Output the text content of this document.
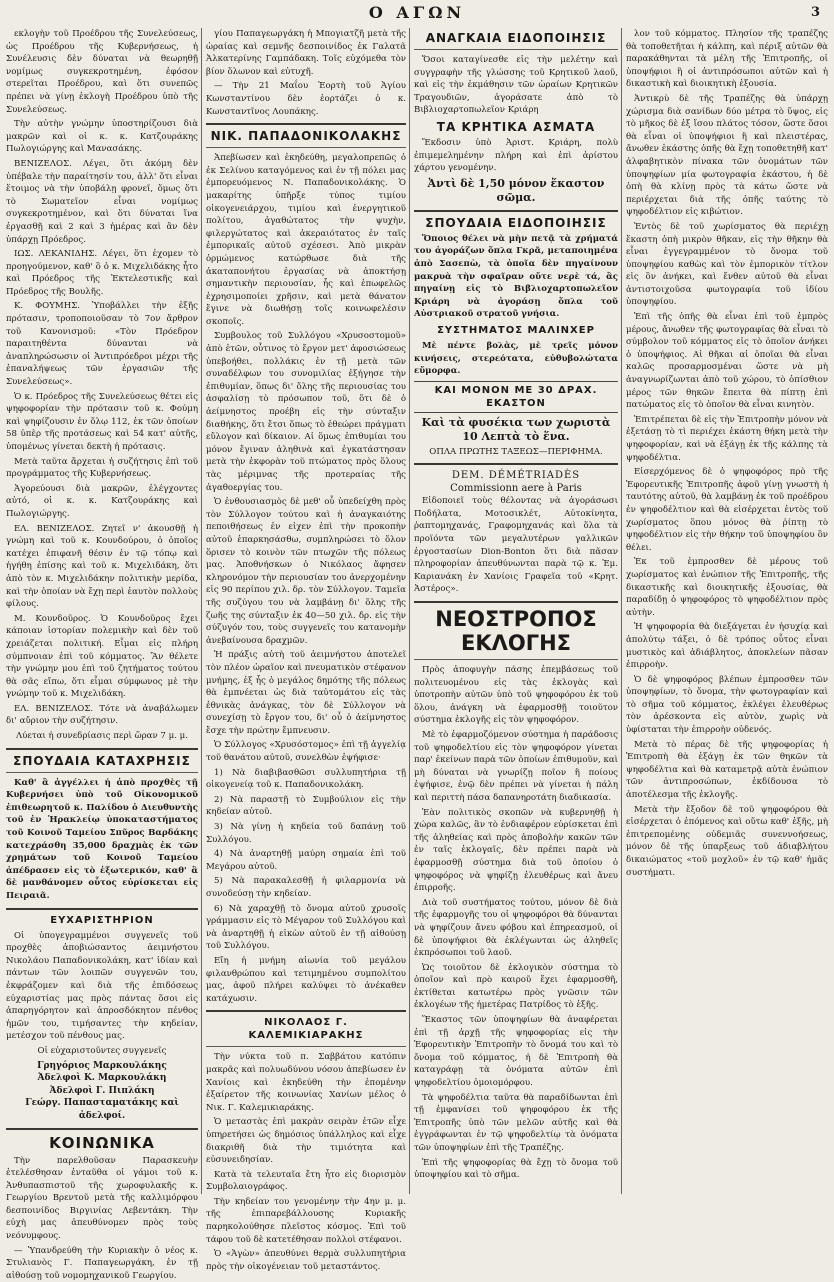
Ο ΑΓΩΝ	3

εκλογὴν τοῦ Προέδρου τῆς Συνελεύσεως, ὡς Προέδρου τῆς Κυβερνήσεως, ἡ Συνέλευσις δὲν δύναται νὰ θεωρηθῇ νομίμως συγκεκροτημένη, ἐφόσον στερεῖται Προέδρου, καὶ ὅτι συνεπῶς πρέπει νὰ γίνῃ ἐκλογὴ Προέδρου ὑπὸ τῆς Συνελεύσεως.

Τὴν αὐτὴν γνώμην ὑποστηρίζουσι διὰ μακρῶν καὶ οἱ κ. κ. Κατζουράκης Πωλογιώργης καὶ Μανασάκης.

ΒΕΝΙΖΕΛΟΣ. Λέγει, ὅτι ἀκόμη δὲν ὑπέβαλε τὴν παραίτησίν του, ἀλλ' ὅτι εἶναι ἕτοιμος νὰ τὴν ὑποβάλῃ φρονεῖ, ὅμως ὅτι τὸ Σωματεῖον εἶναι νομίμως συγκεκροτημένον, καὶ ὅτι δύναται ἵνα ἐργασθῇ καὶ 2 καὶ 3 ἡμέρας καὶ ἂν δὲν ὑπάρχῃ Πρόεδρος.

ΙΩΣ. ΛΕΚΑΝΙΔΗΣ. Λέγει, ὅτι ἐχομεν τὸ προηγούμενον, καθ' ὃ ὁ κ. Μιχελιδάκης ἦτο καὶ Πρόεδρος τῆς Ἐκτελεστικῆς καὶ Πρόεδρος τῆς Βουλῆς.

Κ. ΦΟΥΜΗΣ. Ὑποβάλλει τὴν ἑξῆς πρότασιν, τροποποιοῦσαν τὸ 7ον ἄρθρον τοῦ Κανονισμοῦ: «Τὸν Πρόεδρον παραιτηθέντα δύνανται νὰ ἀναπληρώσωσιν οἱ Ἀντιπρόεδροι μέχρι τῆς ἐπαναλήψεως τῶν ἐργασιῶν τῆς Συνελεύσεως».

Ὁ κ. Πρόεδρος τῆς Συνελεύσεως θέτει εἰς ψηφοφορίαν τὴν πρότασιν τοῦ κ. Φούμη καὶ ψηφίζουσιν ἐν ὅλῳ 112, ἐκ τῶν ὁποίων 58 ὑπὲρ τῆς προτάσεως καὶ 54 κατ' αὐτῆς, ὑπομένως γίνεται δεκτὴ ἡ πρότασις.

Μετὰ ταῦτα ἄρχεται ἡ συζήτησις ἐπὶ τοῦ προγράμματος τῆς Κυβερνήσεως.

Ἀγορεύουσι διὰ μακρῶν, ἐλέγχοντες αὐτό, οἱ κ. κ. Κατζουράκης καὶ Πωλογιώργης.

ΕΛ. ΒΕΝΙΖΕΛΟΣ. Ζητεῖ ν' ἀκουσθῇ ἡ γνώμη καὶ τοῦ κ. Κουνδούρου, ὁ ὁποῖος κατέχει ἐπιφανῆ θέσιν ἐν τῷ τόπῳ καὶ ἠγήθη ἐπίσης καὶ τοῦ κ. Μιχελιδάκη, ὅτι ἀπὸ τὸν κ. Μιχελιδάκην πολιτικὴν μερίδα, καὶ τὴν ὁποίαν νὰ ἔχῃ περὶ ἑαυτὸν πολλοὺς φίλους.

Μ. Κουνδοῦρος. Ὁ Κουνδοῦρος ἔχει κάποιαν ἱστορίαν πολεμικὴν καὶ δὲν τοῦ χρειάζεται πολιτική. Εἶμαι εἰς πλήρη σύμπνοιαν ἐπὶ τοῦ κόμματος. Ἂν θέλετε τὴν γνώμην μου ἐπὶ τοῦ ζητήματος τούτου θὰ σᾶς εἴπω, ὅτι εἶμαι σύμφωνος μὲ τὴν γνώμην τοῦ κ. Μιχελιδάκη.

ΕΛ. ΒΕΝΙΖΕΛΟΣ. Τότε νὰ ἀναβάλωμεν δι' αὔριον τὴν συζήτησιν.

Λύεται ἡ συνεδρίασις περὶ ὥραν 7 μ. μ.

ΣΠΟΥΔΑΙΑ ΚΑΤΑΧΡΗΣΙΣ

Καθ' ἃ ἀγγέλλει ἡ ἀπὸ προχθὲς τῇ Κυβερνήσει ὑπὸ τοῦ Οἰκονομικοῦ ἐπιθεωρητοῦ κ. Παλίδου ὁ Διευθυντὴς τοῦ ἐν Ἡρακλείῳ ὑποκαταστήματος τοῦ Κοινοῦ Ταμείου Σπῦρος Βαρδάκης κατεχράσθη 35,000 δραχμὰς ἐκ τῶν χρημάτων τοῦ Κοινοῦ Ταμείου ἀπέδρασεν εἰς τὸ ἐξωτερικόν, καθ' ἃ δὲ μανθάνομεν οὗτος εὑρίσκεται εἰς Πειραιᾶ.

ΕΥΧΑΡΙΣΤΗΡΙΟΝ

Οἱ ὑπογεγραμμένοι συγγενεῖς τοῦ προχθὲς ἀποβιώσαντος ἀειμνήστου Νικολάου Παπαδονικολάκη, κατ' ἰδίαν καὶ πάντων τῶν λοιπῶν συγγενῶν του, ἐκφράζομεν καὶ διὰ τῆς ἐπιδόσεως εὐχαριστίας μας πρὸς πάντας ὅσοι εἰς ἀπαρηγόρητον καὶ ἀπροσδόκητον πένθος ἡμῶν του, τιμήσαντες τὴν κηδείαν, μετέσχον τοῦ πένθους μας.

Οἱ εὐχαριστοῦντες συγγενεῖς

Γρηγόριος Μαρκουλάκης
Ἀδελφοὶ Κ. Μαρκουλάκη
Ἀδελφοὶ Γ. Πιπλάκη
Γεώργ. Παπασταματάκης καὶ ἀδελφοί.
ΚΟΙΝΩΝΙΚΑ

Τὴν παρελθοῦσαν Παρασκευὴν ἐτελέσθησαν ἐνταῦθα οἱ γάμοι τοῦ κ. Ἀνθυπασπιστοῦ τῆς χωροφυλακῆς κ. Γεωργίου Βρεντοῦ μετὰ τῆς καλλιμόρφου δεσποινίδος Βιργινίας Λεβεντάκη. Τὴν εὐχὴ μας ἀπευθύνομεν πρὸς τοὺς νεόνυμφους.

— Ὑπανδρεύθη τὴν Κυριακὴν ὁ νέος κ. Στυλιανὸς Γ. Παπαγεωργάκη, ἐν τῇ αἰθούσῃ τοῦ νομομηχανικοῦ Γεωργίου.

γίου Παπαγεωργάκη ἡ Μπογιατζῆ μετὰ τῆς ὡραίας καὶ σεμνῆς δεσποινίδος ἐκ Γαλατᾶ Ἀλκατερίνης Γαμπάδακη. Τοῖς εὐχόμεθα τὸν βίον ὅλωνον καὶ εὐτυχῆ.

— Τὴν 21 Μαΐου Ἑορτὴ τοῦ Ἁγίου Κωνσταντίνου δὲν ἑορτάζει ὁ κ. Κωνσταντῖνος Λουπάκης.

ΝΙΚ. ΠΑΠΑΔΟΝΙΚΟΛΑΚΗΣ

Ἀπεβίωσεν καὶ ἐκηδεύθη, μεγαλοπρεπῶς ὁ ἐκ Σελίνου καταγόμενος καὶ ἐν τῇ πόλει μας ἐμπορευόμενος Ν. Παπαδονικολάκης. Ὁ μακαρίτης ὑπῆρξε τύπος τιμίου οἰκογενειάρχου, τιμίου καὶ ἐνεργητικοῦ πολίτου, ἀγαθώτατος τὴν ψυχὴν, φιλεργώτατος καὶ ἀκεραιότατος ἐν ταῖς ἐμπορικαῖς αὐτοῦ σχέσεσι. Ἀπὸ μικρὰν ὁρμώμενος κατώρθωσε διὰ τῆς ἀκαταπονήτου ἐργασίας νὰ ἀποκτήσῃ σημαντικὴν περιουσίαν, ἧς καὶ ἐπωφελῶς ἐχρησιμοποίει χρῆσιν, καὶ μετὰ θάνατον ἔγινε νὰ διωθήσῃ τοῖς κοινωφελέσιν σκοποῖς.

Συμβουλος τοῦ Συλλόγου «Χρυσοστομοῦ» ἀπὸ ἐτῶν, οὗτινος τὸ ἔργον μετ' ἀφοσιώσεως ὑπεβοήθει, πολλάκις ἐν τῇ μετὰ τῶν συναδέλφων του συνομιλίας ἐξήγησε τὴν ἐπιθυμίαν, ὅπως δι' ὅλης τῆς περιουσίας του ἀσφαλίσῃ τὸ πρόσωπον τοῦ, ὅτι δὲ ὁ ἀείμνηστος προέβη εἰς τὴν σύνταξιν διαθήκης, ὅτι ἔτσι ὅπως τὸ ἐθεώρει πράγματι εὔλογον καὶ δίκαιον. Αἱ ὅμως ἐπιθυμίαι του μόνον ἔγιναν ἀληθινὰ καὶ ἐγκατάστησαν μετὰ τὴν ἐκφορὰν τοῦ πτώματος πρὸς ὅλους τὰς μέριμνας τῆς προτεραίας τῆς ἀγαθοεργίας του.

Ὁ ἐνθουσιασμὸς δὲ μεθ' οὗ ὑπεδείχθη πρὸς τὸν Σύλλογον τούτου καὶ ἡ ἀναγκαιότης πεποιθήσεως ἐν εἰχεν ἐπὶ τὴν προκοπὴν αὐτοῦ ἐπαρκησάσθω, συμπληρώσει τὸ ὅλον ὅρισεν τὸ κοινὸν τῶν πτωχῶν τῆς πόλεως μας. Ἀποθνήσκων ὁ Νικόλαος ἄφησεν κληρονόμον τὴν περιουσίαν του ἀνερχομένην εἰς 90 περίπου χιλ. δρ. τὸν Σύλλογον. Ταμεῖα τῆς συζύγου του νὰ λαμβάνῃ δι' ὅλης τῆς ζωῆς της σύνταξιν ἐκ 40—50 χιλ. δρ. εἰς τὴν σύζυγόν του, τοὺς συγγενεῖς του κατανομὴν ἀνεβαίνουσα δραχμῶν.

Ἡ πράξις αὐτὴ τοῦ ἀειμνήστου ἀποτελεῖ τὸν πλέον ὡραῖον καὶ πνευματικὸν στέφανον μνήμης, ἐξ ἧς ὁ μεγάλος δημότης τῆς πόλεως θὰ ἐμπνέεται ὡς διὰ ταὐτομάτου εἰς τὰς ἐθνικὰς ἀνάγκας, τὸν δὲ Σύλλογον νὰ συνεχίσῃ τὸ ἔργον του, δι' οὗ ὁ ἀείμνηστος ἔσχε τὴν πρώτην ἔμπνευσιν.

Ὁ Σύλλογος «Χρυσόστομος» ἐπὶ τῇ ἀγγελίᾳ τοῦ θανάτου αὐτοῦ, συνελθὼν ἐψήφισε·

1) Νὰ διαβιβασθῶσι συλλυπητήρια τῇ οἰκογενείᾳ τοῦ κ. Παπαδονικολάκη.

2) Νὰ παραστῇ τὸ Συμβούλιον εἰς τὴν κηδείαν αὐτοῦ.

3) Νὰ γίνῃ ἡ κηδεία τοῦ δαπάνῃ τοῦ Συλλόγου.

4) Νὰ ἀναρτηθῇ μαύρη σημαία ἐπὶ τοῦ Μεγάρου αὐτοῦ.

5) Νὰ παρακαλεσθῇ ἡ φιλαρμονία νὰ συνοδεύσῃ τὴν κηδείαν.

6) Νὰ χαραχθῇ τὸ ὄνομα αὐτοῦ χρυσοῖς γράμμασιν εἰς τὸ Μέγαρον τοῦ Συλλόγου καὶ νὰ ἀναρτηθῇ ἡ εἰκὼν αὐτοῦ ἐν τῇ αἰθούσῃ τοῦ Συλλόγου.

Εἴη ἡ μνήμη αἰωνία τοῦ μεγάλου φιλανθρώπου καὶ τετιμημένου συμπολίτου μας, ἀφοῦ πλήρει καλύψει τὸ ἀνέκαθεν κατάχωσιν.

ΝΙΚΟΛΑΟΣ Γ. ΚΑΛΕΜΙΚΙΑΡΑΚΗΣ

Τὴν νύκτα τοῦ π. Σαββάτου κατόπιν μακρᾶς καὶ πολυωδύνου νόσου ἀπεβίωσεν ἐν Χανίοις καὶ ἐκηδεύθη τὴν ἐπομένην ἐξαίρετον τῆς κοινωνίας Χανίων μέλος ὁ Νικ. Γ. Καλεμικιαράκης.

Ὁ μεταστὰς ἐπὶ μακρὰν σειρὰν ἐτῶν εἶχε ὑπηρετήσει ὡς δημόσιος ὑπάλληλος καὶ εἶχε διακριθῆ διὰ τὴν τιμιότητα καὶ εὐσυνειδησίαν.

Κατὰ τὰ τελευταῖα ἔτη ἦτο εἰς διορισμὸν Συμβολαιογράφος.

Τὴν κηδείαν του γενομένην τὴν 4ην μ. μ. τῆς ἐπιπαρεβάλλουσης Κυριακῆς παρηκολούθησε πλεῖστος κόσμος. Ἐπὶ τοῦ τάφου τοῦ δὲ κατετέθησαν πολλοὶ στέφανοι.

Ὁ «Ἀγὼν» ἀπευθύνει θερμὰ συλλυπητήρια πρὸς τὴν οἰκογένειαν τοῦ μεταστάντος.

ΑΝΑΓΚΑΙΑ ΕΙΔΟΠΟΙΗΣΙΣ

Ὅσοι καταγίνεσθε εἰς τὴν μελέτην καὶ συγγραφὴν τῆς γλώσσης τοῦ Κρητικοῦ λαοῦ, καὶ εἰς τὴν ἐκμάθησιν τῶν ὡραίων Κρητικῶν Τραγουδιῶν, ἀγοράσατε ἀπὸ τὸ Βιβλιοχαρτοπωλεῖον Κριάρη

ΤΑ ΚΡΗΤΙΚΑ ΑΣΜΑΤΑ

Ἔκδοσιν ὑπὸ Ἀριστ. Κριάρη, πολὺ ἐπιμεμελημένην πλήρη καὶ ἐπὶ ἀρίστου χάρτου γενομένην.

Ἀντὶ δὲ 1,50 μόνον ἕκαστον σῶμα.

ΣΠΟΥΔΑΙΑ ΕΙΔΟΠΟΙΗΣΙΣ

Ὅποιος θέλει νὰ μὴν πετᾷ τὰ χρήματά του ἀγοράζων ὅπλα Γκρᾶ, μεταποιημένα ἀπὸ Σασεπὼ, τὰ ὁποῖα δὲν πηγαίνουν μακρυὰ τὴν σφαῖραν οὔτε νερὲ τά, ἂς πηγαίνῃ εἰς τὸ Βιβλιοχαρτοπωλεῖον Κριάρη νὰ ἀγοράσῃ ὅπλα τοῦ Αὐστριακοῦ στρατοῦ γνήσια.

ΣΥΣΤΗΜΑΤΟΣ ΜΑΛΙΝΧΕΡ

Μὲ πέντε βολὰς, μὲ τρεῖς μόνον κινήσεις, στερεότατα, εὐθυβολώτατα εὔμορφα.

ΚΑΙ ΜΟΝΟΝ ΜΕ 30 ΔΡΑΧ. ΕΚΑΣΤΟΝ

Καὶ τὰ φυσέκια των χωριστὰ 10 Λεπτὰ τὸ ἕνα.

ΟΠΛΑ ΠΡΩΤΗΣ ΤΑΞΕΩΣ—ΠΕΡΙΦΗΜΑ.

DEM. DÉMÉTRIADÈS
Commissionn aere à Paris

Εἰδοποιεῖ τοὺς θέλοντας νὰ ἀγοράσωσι Ποδήλατα, Μοτοσικλέτ, Αὐτοκίνητα, ῥαπτομηχανάς, Γραφομηχανάς καὶ ὅλα τὰ προϊόντα τῶν μεγαλυτέρων γαλλικῶν ἐργοστασίων Dion-Bonton ὅτι διὰ πᾶσαν πληροφορίαν ἀπευθύνωνται παρὰ τῷ κ. Ἐμ. Καριανάκη ἐν Χανίοις Γραφεῖα τοῦ «Κρητ. Ἀστέρος».

ΝΕΟΣΤΡΟΠΟΣ ΕΚΛΟΓΗΣ

Πρὸς ἀποφυγὴν πάσης ἐπεμβάσεως τοῦ πολιτευομένου εἰς τὰς ἐκλογὰς καὶ ὑποτροπὴν αὐτῶν ὑπὸ τοῦ ψηφοφόρου ἐκ τοῦ ὅλου, ἀνάγκη νὰ ἐφαρμοσθῇ τοιοῦτον σύστημα ἐκλογῆς εἰς τὸν ψηφοφόρον.

Μὲ τὸ ἐφαρμοζόμενον σύστημα ἡ παράδοσις τοῦ ψηφοδελτίου εἰς τὸν ψηφοφόρον γίνεται παρ' ἐκείνων παρὰ τῶν ὁποίων ἐπιθυμοῦν, καὶ μὴ δύναται νὰ γνωρίζῃ ποῖον ἢ ποίους ἐψήφισε, ἐνῷ δὲν πρέπει νὰ γίνεται ἡ πάλη καὶ περιττὴ πάσα δαπανηροτάτη διαδικασία.

Ἐὰν πολιτικὸς σκοπῶν νὰ κυβερνηθῇ ἡ χώρα καλῶς, ἂν τὸ ἐνδιαφέρον εὑρίσκεται ἐπὶ τῆς ἀληθείας καὶ πρὸς ἀποβολὴν κακῶν τῶν ἐν ταῖς ἐκλογαῖς, δὲν πρέπει παρὰ νὰ ἐφαρμοσθῇ σύστημα διὰ τοῦ ὁποίου ὁ ψηφοφόρος νὰ ψηφίζῃ ἐλευθέρως καὶ ἄνευ ἐπιρροῆς.

Διὰ τοῦ συστήματος τούτου, μόνον δὲ διὰ τῆς ἐφαρμογῆς του οἱ ψηφοφόροι θὰ δύνανται νὰ ψηφίζουν ἄνευ φόβου καὶ ἐπηρεασμοῦ, οἱ δὲ ὑποψήφιοι θὰ ἐκλέγωνται ὡς ἀληθεῖς ἐκπρόσωποι τοῦ λαοῦ.

Ὡς τοιοῦτον δὲ ἐκλογικὸν σύστημα τὸ ὁποῖον καὶ πρὸ καιροῦ ἔχει ἐφαρμοσθῆ, ἐκτίθεται κατωτέρω πρὸς γνῶσιν τῶν ἐκλογέων τῆς ἡμετέρας Πατρίδος τὸ ἑξῆς.

Ἕκαστος τῶν ὑποψηφίων θὰ ἀναφέρεται ἐπὶ τῇ ἀρχῇ τῆς ψηφοφορίας εἰς τὴν Ἐφορευτικὴν Ἐπιτροπὴν τὸ ὄνομά του καὶ τὸ ὄνομα τοῦ κόμματος, ἡ δὲ Ἐπιτροπὴ θὰ καταγράφῃ τὰ ὀνόματα αὐτῶν ἐπὶ ψηφοδελτίου ὁμοιομόρφου.

Τὰ ψηφοδέλτια ταῦτα θὰ παραδίδωνται ἐπὶ τῇ ἐμφανίσει τοῦ ψηφοφόρου ἐκ τῆς Ἐπιτροπῆς ὑπὸ τῶν μελῶν αὐτῆς καὶ θὰ ἐγγράφωνται ἐν τῷ ψηφοδελτίῳ τὰ ὀνόματα τῶν ὑποψηφίων ἐπὶ τῆς Τραπέζης.

Ἐπὶ τῆς ψηφοφορίας θὰ ἔχῃ τὸ ὄνομα τοῦ ὑποψηφίου καὶ τὸ σῆμα.

λον τοῦ κόμματος. Πλησίον τῆς τραπέζης θὰ τοποθετῆται ἡ κάλπη, καὶ πέριξ αὐτῶν θὰ παρακάθηνται τὰ μέλη τῆς Ἐπιτροπῆς, οἱ ὑποψήφιοι ἢ οἱ ἀντιπρόσωποι αὐτῶν καὶ ἡ δικαστικὴ καὶ διοικητικὴ ἐξουσία.

Ἀντικρὺ δὲ τῆς Τραπέζης θὰ ὑπάρχῃ χώρισμα διὰ σανίδων δύο μέτρα τὸ ὕψος, εἰς τὸ μῆκος δὲ ἐξ ἴσου πλάτος τόσον, ὥστε ὅσοι θὰ εἶναι οἱ ὑποψήφιοι ἢ καὶ πλειστέρας, ἄνωθεν ἑκάστης ὀπῆς θὰ ἔχῃ τοποθετηθῆ κατ' ἀλφαβητικὸν πίνακα τῶν ὀνομάτων τῶν ὑποψηφίων μία φωτογραφία ἑκάστου, ἡ δὲ ὀπὴ θὰ κλίνῃ πρὸς τὰ κάτω ὥστε νὰ περιέρχεται διὰ τῆς ὀπῆς ταύτης τὸ ψηφοδέλτιον εἰς κιβώτιον.

Ἐντὸς δὲ τοῦ χωρίσματος θὰ περιέχῃ ἕκαστη ὀπὴ μικρὸν θῆκαν, εἰς τὴν θῆκην θὰ εἶναι ἐγγεγραμμένον τὸ ὄνομα τοῦ ὑποψηφίου καθὼς καὶ τὸν ἐμπορικὸν τίτλον εἰς ὃν ἀνήκει, καὶ ἔνθεν αὐτοῦ θὰ εἶναι ἀντιστοιχοῦσα φωτογραφία τοῦ ἰδίου ὑποψηφίου.

Ἐπὶ τῆς ὀπῆς θὰ εἶναι ἐπὶ τοῦ ἐμπρὸς μέρους, ἄνωθεν τῆς φωτογραφίας θὰ εἶναι τὸ σύμβολον τοῦ κόμματος εἰς τὸ ὁποῖον ἀνήκει ὁ ὑποψήφιος. Αἱ θῆκαι αἱ ὁποῖαι θὰ εἶναι καλῶς προσαρμοσμέναι ὥστε νὰ μὴ ἀναγνωρίζωνται ἀπὸ τοῦ χώρου, τὸ ὀπίσθιον μέρος τῶν θηκῶν ἔπειτα θὰ πίπτῃ ἐπὶ πατώματος εἰς τὸ ὁποῖον θὰ εἶναι κινητὸν.

Ἐπιτρέπεται δὲ εἰς τὴν Ἐπιτροπὴν μόνον νὰ ἐξετάσῃ τὸ τὶ περιέχει ἑκάστη θήκη μετὰ τὴν ψηφοφορίαν, καὶ νὰ ἐξάγῃ ἐκ τῆς κάλπης τὰ ψηφοδέλτια.

Εἰσερχόμενος δὲ ὁ ψηφοφόρος πρὸ τῆς Ἐφορευτικῆς Ἐπιτροπῆς ἀφοῦ γίνῃ γνωστὴ ἡ ταυτότης αὐτοῦ, θὰ λαμβάνῃ ἐκ τοῦ προέδρου ἐν ψηφοδέλτιον καὶ θὰ εἰσέρχεται ἐντὸς τοῦ χωρίσματος ὅπου μόνος θὰ ῥίπτῃ τὸ ψηφοδέλτιον εἰς τὴν θήκην τοῦ ὑποψηφίου ὃν θέλει.

Ἐκ τοῦ ἐμπροσθεν δὲ μέρους τοῦ χωρίσματος καὶ ἐνώπιον τῆς Ἐπιτροπῆς, τῆς δικαστικῆς καὶ διοικητικῆς ἐξουσίας, θὰ παραδίδῃ ὁ ψηφοφόρος τὸ ψηφοδέλτιον πρὸς αὐτὴν.

Ἡ ψηφοφορία θὰ διεξάγεται ἐν ἡσυχίᾳ καὶ ἀπολύτῳ τάξει, ὁ δὲ τρόπος οὗτος εἶναι μυστικὸς καὶ ἀδιάβλητος, ἀποκλείων πᾶσαν ἐπιρροὴν.

Ὁ δὲ ψηφοφόρος βλέπων ἐμπροσθεν τῶν ὑποψηφίων, τὸ ὄνομα, τὴν φωτογραφίαν καὶ τὸ σῆμα τοῦ κόμματος, ἐκλέγει ἐλευθέρως τὸν ἀρέσκοντα εἰς αὐτὸν, χωρὶς νὰ ὑφίσταται τὴν ἐπιρροὴν οὐδενός.

Μετὰ τὸ πέρας δὲ τῆς ψηφοφορίας ἡ Ἐπιτροπὴ θὰ ἐξάγῃ ἐκ τῶν θηκῶν τὰ ψηφοδέλτια καὶ θὰ καταμετρᾷ αὐτὰ ἐνώπιον τῶν ἀντιπροσώπων, ἐκδίδουσα τὸ ἀποτέλεσμα τῆς ἐκλογῆς.

Μετὰ τὴν ἔξοδον δὲ τοῦ ψηφοφόρου θὰ εἰσέρχεται ὁ ἐπόμενος καὶ οὕτω καθ' ἑξῆς, μὴ ἐπιτρεπομένης οὐδεμιᾶς συνεννοήσεως, μόνον δὲ τῆς ὑπαρξεως τοῦ ἀδιαβλήτου δικαιώματος «τοῦ μοχλοῦ» ἐν τῷ καθ' ἡμᾶς συστήματι.
